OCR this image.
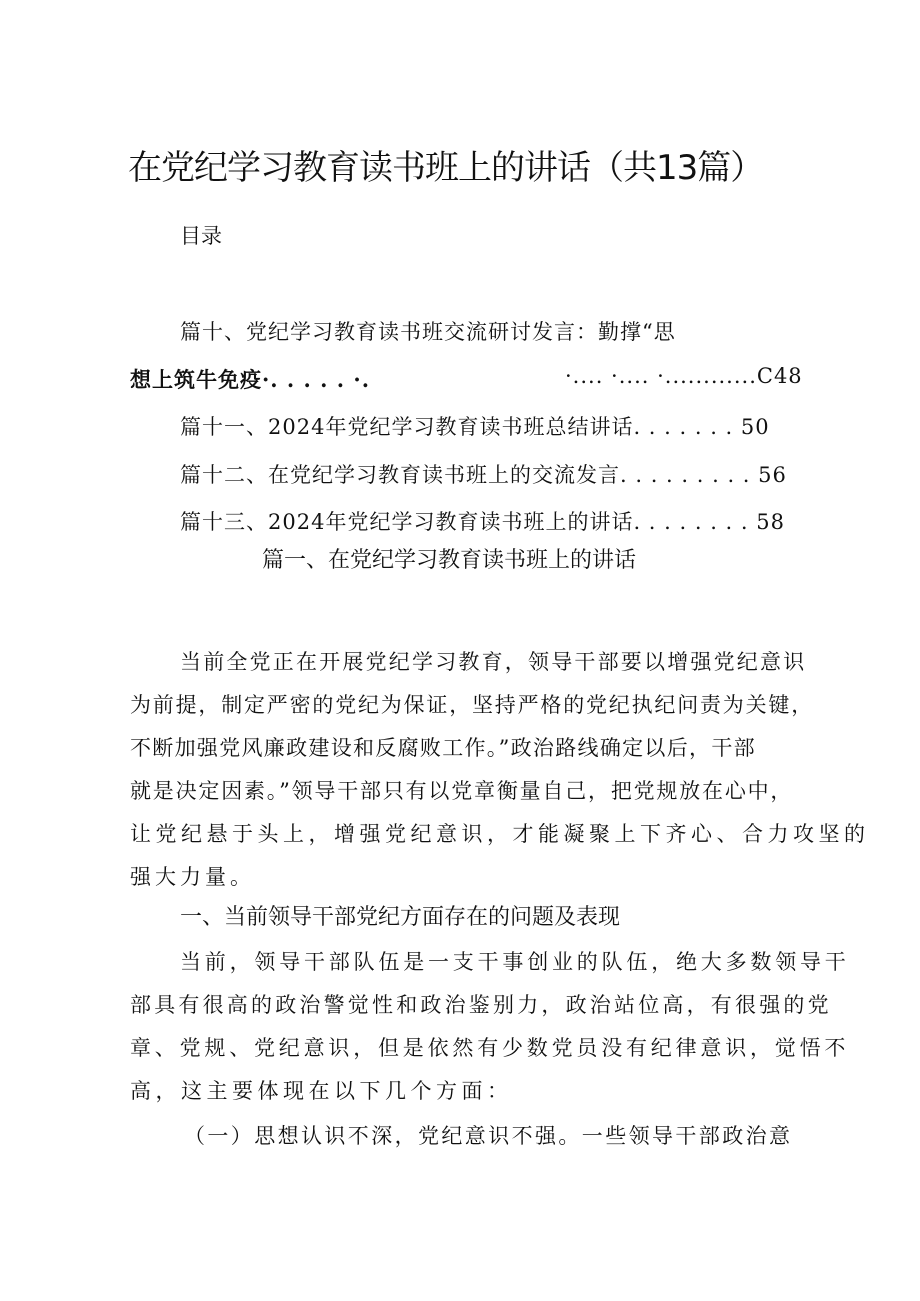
在党纪学习教育读书班上的讲话（共13篇）
目录
篇十、党纪学习教育读书班交流研讨发言：勤撑“思
想上筑牛免疫·. . . . . ·.	·.... ·.... ·............C48
篇十一、2024年党纪学习教育读书班总结讲话. . . . . . . 50
篇十二、在党纪学习教育读书班上的交流发言. . . . . . . . . 56
篇十三、2024年党纪学习教育读书班上的讲话. . . . . . . . 58
篇一、在党纪学习教育读书班上的讲话
当前全党正在开展党纪学习教育，领导干部要以增强党纪意识
为前提，制定严密的党纪为保证，坚持严格的党纪执纪问责为关键，
不断加强党风廉政建设和反腐败工作。”政治路线确定以后，干部
就是决定因素。”领导干部只有以党章衡量自己，把党规放在心中，
让党纪悬于头上，增强党纪意识，才能凝聚上下齐心、合力攻坚的
强大力量。
一、当前领导干部党纪方面存在的问题及表现
当前，领导干部队伍是一支干事创业的队伍，绝大多数领导干
部具有很高的政治警觉性和政治鉴别力，政治站位高，有很强的党
章、党规、党纪意识，但是依然有少数党员没有纪律意识，觉悟不
高，这主要体现在以下几个方面：
（一）思想认识不深，党纪意识不强。一些领导干部政治意
